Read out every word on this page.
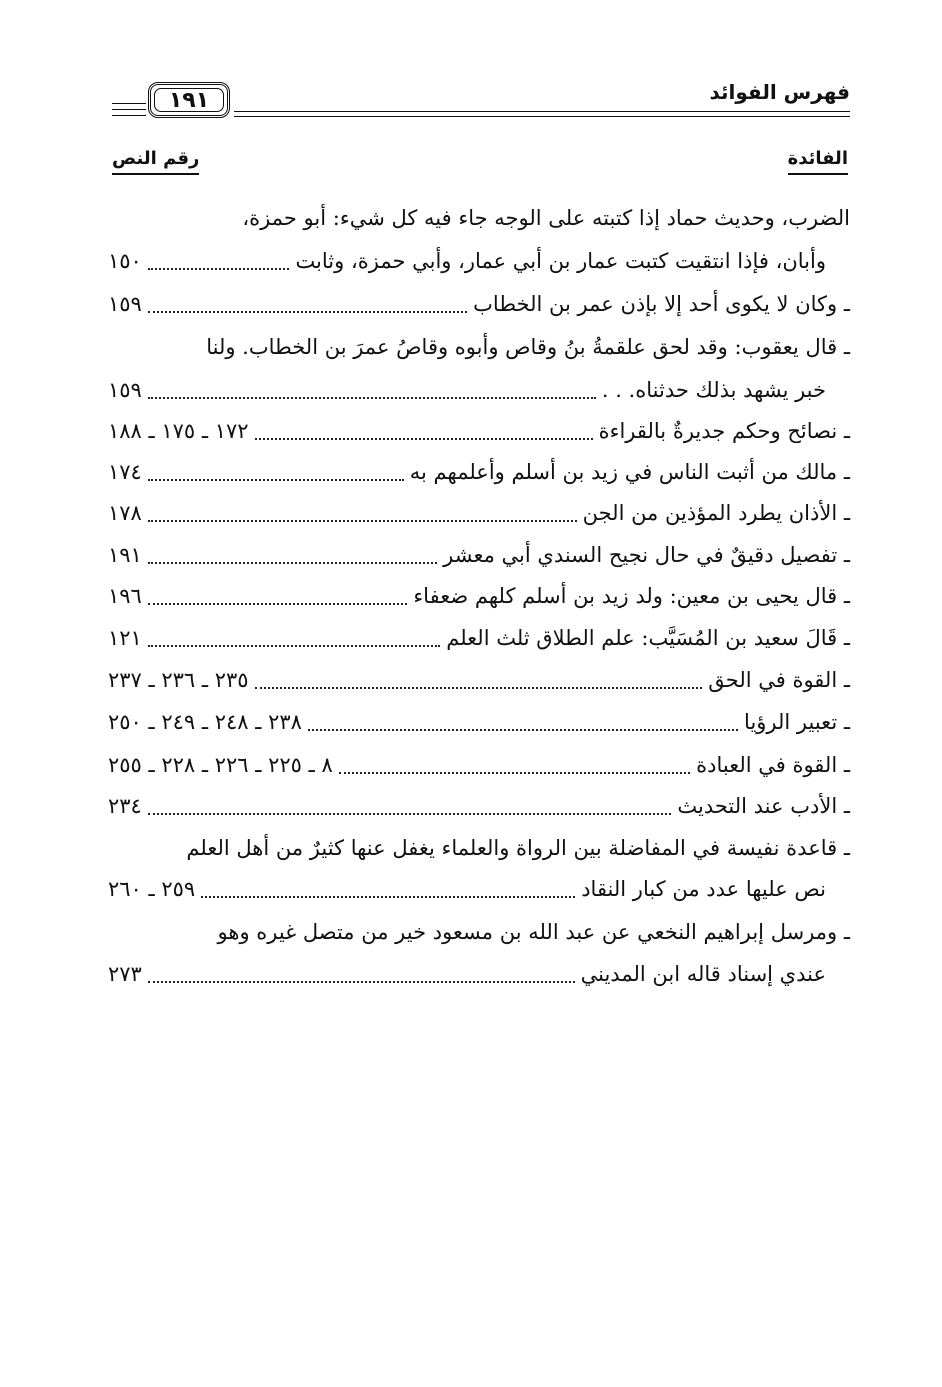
فهرس الفوائد
١٩١
الفائدة
رقم النص
الضرب، وحديث حماد إذا كتبته على الوجه جاء فيه كل شيء: أبو حمزة،
وأبان، فإذا انتقيت كتبت عمار بن أبي عمار، وأبي حمزة، وثابت
١٥٠
ـ وكان لا يكوى أحد إلا بإذن عمر بن الخطاب
١٥٩
ـ قال يعقوب: وقد لحق علقمةُ بنُ وقاص وأبوه وقاصُ عمرَ بن الخطاب. ولنا
خبر يشهد بذلك حدثناه. . .
١٥٩
ـ نصائح وحكم جديرةٌ بالقراءة
١٧٢ ـ ١٧٥ ـ ١٨٨
ـ مالك من أثبت الناس في زيد بن أسلم وأعلمهم به
١٧٤
ـ الأذان يطرد المؤذين من الجن
١٧٨
ـ تفصيل دقيقٌ في حال نجيح السندي أبي معشر
١٩١
ـ قال يحيى بن معين: ولد زيد بن أسلم كلهم ضعفاء
١٩٦
ـ قَالَ سعيد بن المُسَيَّب: علم الطلاق ثلث العلم
١٢١
ـ القوة في الحق
٢٣٥ ـ ٢٣٦ ـ ٢٣٧
ـ تعبير الرؤيا
٢٣٨ ـ ٢٤٨ ـ ٢٤٩ ـ ٢٥٠
ـ القوة في العبادة
٨ ـ ٢٢٥ ـ ٢٢٦ ـ ٢٢٨ ـ ٢٥٥
ـ الأدب عند التحديث
٢٣٤
ـ قاعدة نفيسة في المفاضلة بين الرواة والعلماء يغفل عنها كثيرٌ من أهل العلم
نص عليها عدد من كبار النقاد
٢٥٩ ـ ٢٦٠
ـ ومرسل إبراهيم النخعي عن عبد الله بن مسعود خير من متصل غيره وهو
عندي إسناد قاله ابن المديني
٢٧٣
